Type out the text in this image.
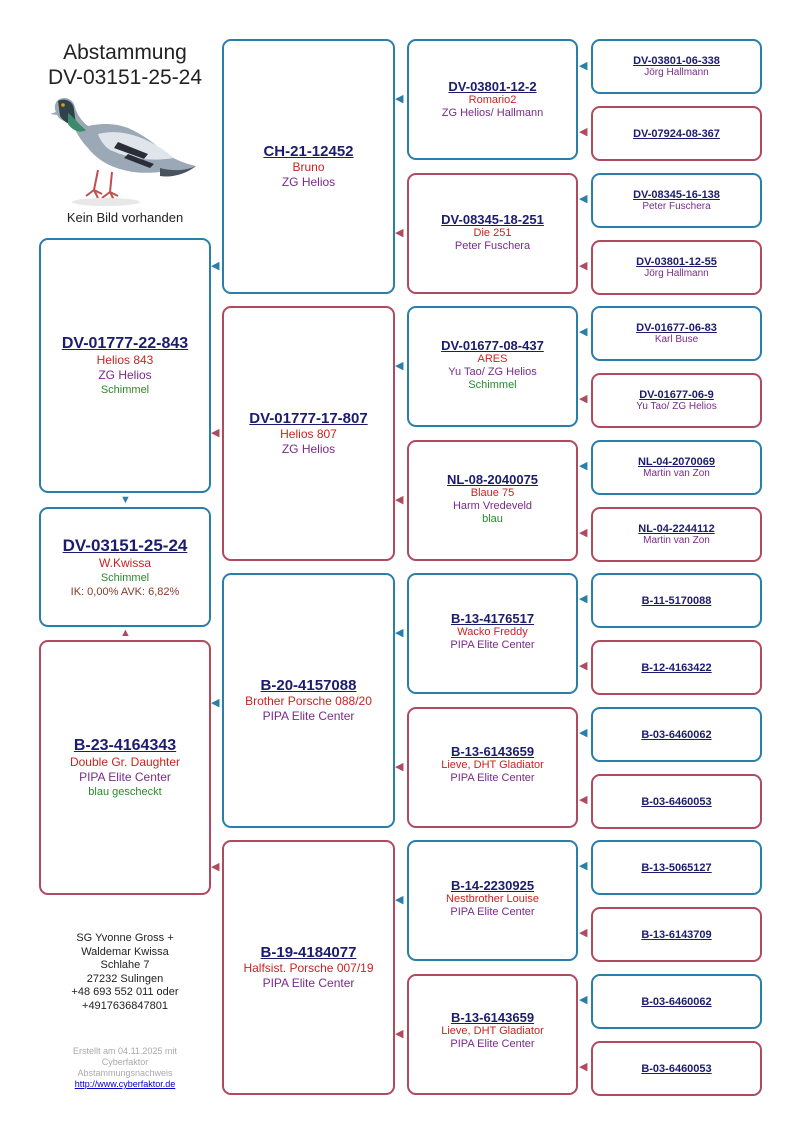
Abstammung
DV-03151-25-24
Kein Bild vorhanden
DV-01777-22-843
Helios 843
ZG Helios
Schimmel
DV-03151-25-24
W.Kwissa
Schimmel
IK: 0,00% AVK: 6,82%
B-23-4164343
Double Gr. Daughter
PIPA Elite Center
blau gescheckt
CH-21-12452
Bruno
ZG Helios
DV-01777-17-807
Helios 807
ZG Helios
B-20-4157088
Brother Porsche 088/20
PIPA Elite Center
B-19-4184077
Halfsist. Porsche 007/19
PIPA Elite Center
DV-03801-12-2
Romario2
ZG Helios/ Hallmann
DV-08345-18-251
Die 251
Peter Fuschera
DV-01677-08-437
ARES
Yu Tao/ ZG Helios
Schimmel
NL-08-2040075
Blaue 75
Harm Vredeveld
blau
B-13-4176517
Wacko Freddy
PIPA Elite Center
B-13-6143659
Lieve, DHT Gladiator
PIPA Elite Center
B-14-2230925
Nestbrother Louise
PIPA Elite Center
B-13-6143659
Lieve, DHT Gladiator
PIPA Elite Center
DV-03801-06-338
Jörg Hallmann
DV-07924-08-367
DV-08345-16-138
Peter Fuschera
DV-03801-12-55
Jörg Hallmann
DV-01677-06-83
Karl Buse
DV-01677-06-9
Yu Tao/ ZG Helios
NL-04-2070069
Martin van Zon
NL-04-2244112
Martin van Zon
B-11-5170088
B-12-4163422
B-03-6460062
B-03-6460053
B-13-5065127
B-13-6143709
B-03-6460062
B-03-6460053
◀
◀
◀
◀
◀
◀
◀
◀
◀
◀
◀
◀
◀
◀
◀
◀
◀
◀
◀
◀
◀
◀
◀
◀
◀
◀
◀
◀
▼
▲
SG Yvonne Gross +
Waldemar Kwissa
Schlahe 7
27232 Sulingen
+48 693 552 011 oder
+4917636847801
Erstellt am 04.11.2025 mit
Cyberfaktor
Abstammungsnachweis
http://www.cyberfaktor.de
